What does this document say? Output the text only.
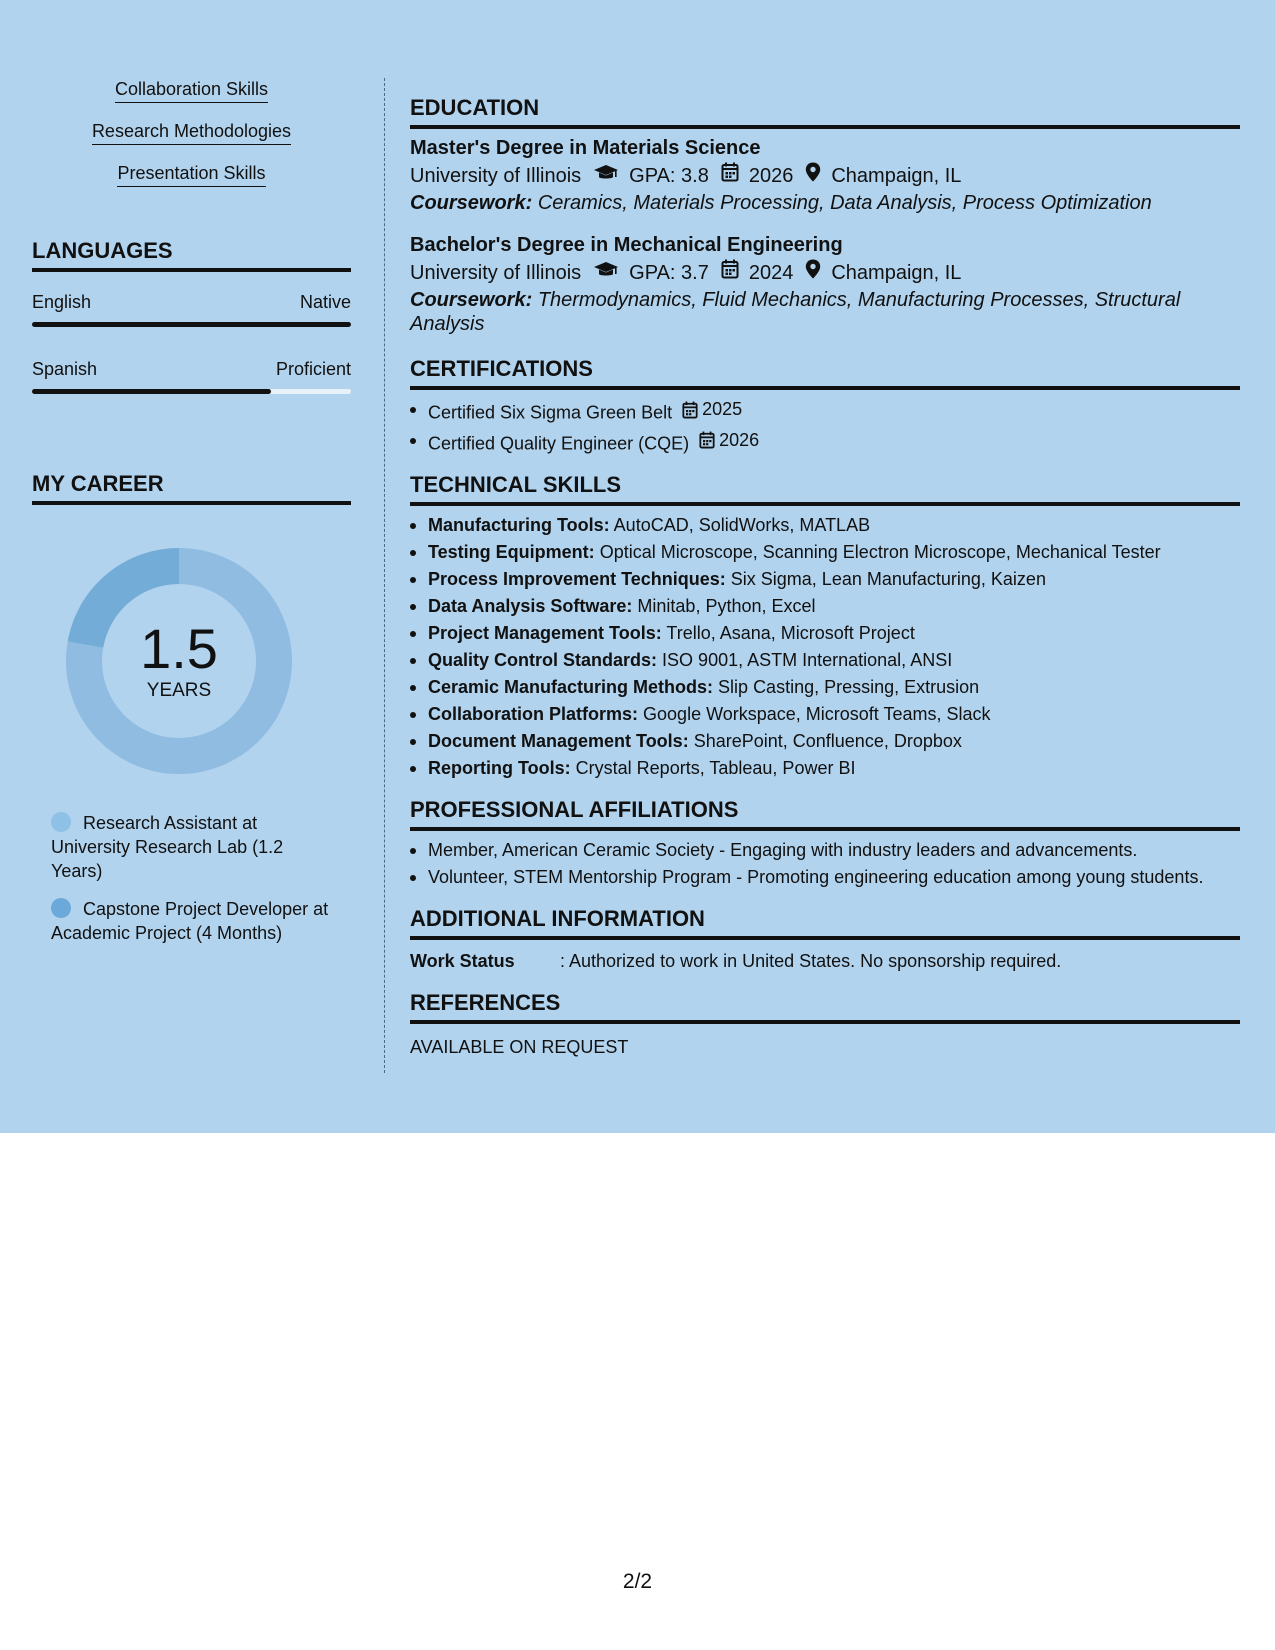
Collaboration Skills
Research Methodologies
Presentation Skills
LANGUAGES
English	Native
Spanish	Proficient
MY CAREER
1.5
YEARS
Research Assistant at University Research Lab (1.2 Years)
Capstone Project Developer at Academic Project (4 Months)
EDUCATION
Master's Degree in Materials Science
University of Illinois GPA: 3.8 2026 Champaign, IL
Coursework: Ceramics, Materials Processing, Data Analysis, Process Optimization
Bachelor's Degree in Mechanical Engineering
University of Illinois GPA: 3.7 2024 Champaign, IL
Coursework: Thermodynamics, Fluid Mechanics, Manufacturing Processes, Structural Analysis
CERTIFICATIONS
Certified Six Sigma Green Belt 2025
Certified Quality Engineer (CQE) 2026
TECHNICAL SKILLS
Manufacturing Tools: AutoCAD, SolidWorks, MATLAB
Testing Equipment: Optical Microscope, Scanning Electron Microscope, Mechanical Tester
Process Improvement Techniques: Six Sigma, Lean Manufacturing, Kaizen
Data Analysis Software: Minitab, Python, Excel
Project Management Tools: Trello, Asana, Microsoft Project
Quality Control Standards: ISO 9001, ASTM International, ANSI
Ceramic Manufacturing Methods: Slip Casting, Pressing, Extrusion
Collaboration Platforms: Google Workspace, Microsoft Teams, Slack
Document Management Tools: SharePoint, Confluence, Dropbox
Reporting Tools: Crystal Reports, Tableau, Power BI
PROFESSIONAL AFFILIATIONS
Member, American Ceramic Society - Engaging with industry leaders and advancements.
Volunteer, STEM Mentorship Program - Promoting engineering education among young students.
ADDITIONAL INFORMATION
Work Status	: Authorized to work in United States. No sponsorship required.
REFERENCES
AVAILABLE ON REQUEST
2/2
